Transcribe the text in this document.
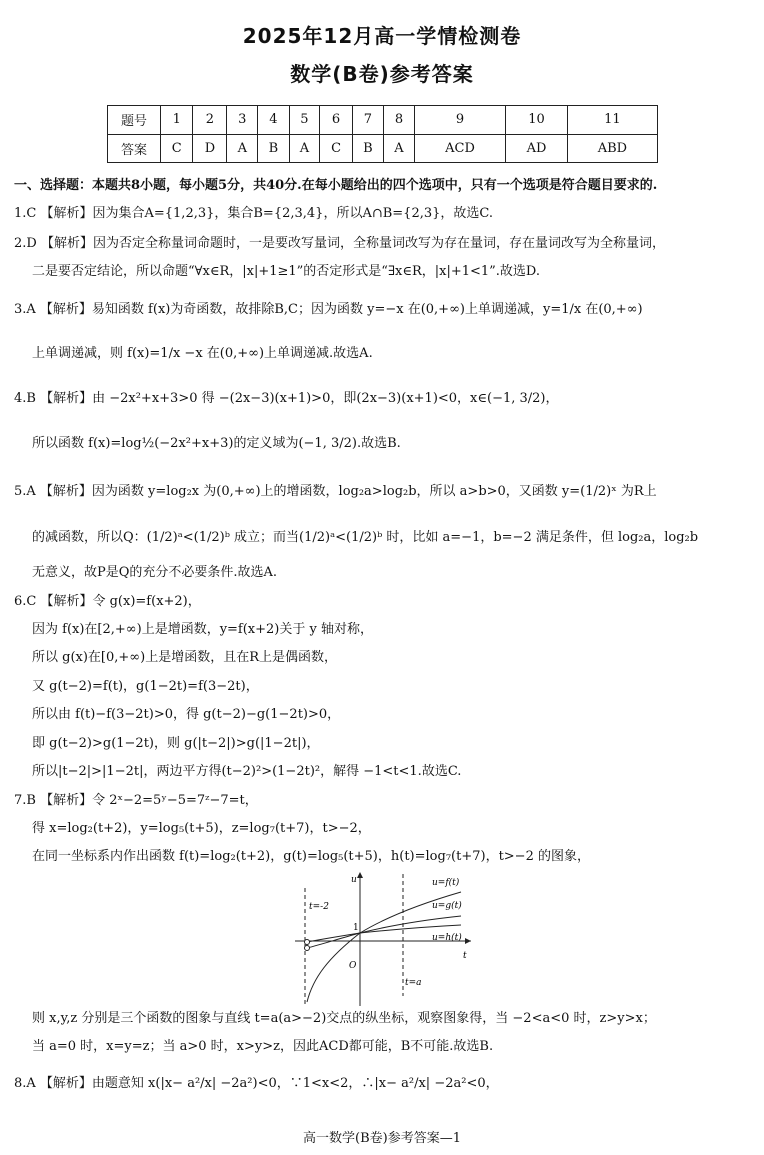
2025年12月高一学情检测卷
数学(B卷)参考答案
题号	1	2	3	4	5	6	7	8	9	10	11
答案	C	D	A	B	A	C	B	A	ACD	AD	ABD
一、选择题：本题共8小题，每小题5分，共40分.在每小题给出的四个选项中，只有一个选项是符合题目要求的.
1.C 【解析】因为集合A={1,2,3}，集合B={2,3,4}，所以A∩B={2,3}，故选C.
2.D 【解析】因为否定全称量词命题时，一是要改写量词，全称量词改写为存在量词，存在量词改写为全称量词，
二是要否定结论，所以命题“∀x∈R，|x|+1≥1”的否定形式是“∃x∈R，|x|+1<1”.故选D.
3.A 【解析】易知函数 f(x)为奇函数，故排除B,C；因为函数 y=−x 在(0,+∞)上单调递减，y=1/x 在(0,+∞)
上单调递减，则 f(x)=1/x −x 在(0,+∞)上单调递减.故选A.
4.B 【解析】由 −2x²+x+3>0 得 −(2x−3)(x+1)>0，即(2x−3)(x+1)<0，x∈(−1, 3/2)，
所以函数 f(x)=log½(−2x²+x+3)的定义域为(−1, 3/2).故选B.
5.A 【解析】因为函数 y=log₂x 为(0,+∞)上的增函数，log₂a>log₂b，所以 a>b>0，又函数 y=(1/2)ˣ 为R上
的减函数，所以Q：(1/2)ᵃ<(1/2)ᵇ 成立；而当(1/2)ᵃ<(1/2)ᵇ 时，比如 a=−1，b=−2 满足条件，但 log₂a，log₂b
无意义，故P是Q的充分不必要条件.故选A.
6.C 【解析】令 g(x)=f(x+2)，
因为 f(x)在[2,+∞)上是增函数，y=f(x+2)关于 y 轴对称，
所以 g(x)在[0,+∞)上是增函数，且在R上是偶函数，
又 g(t−2)=f(t)，g(1−2t)=f(3−2t)，
所以由 f(t)−f(3−2t)>0，得 g(t−2)−g(1−2t)>0，
即 g(t−2)>g(1−2t)，则 g(|t−2|)>g(|1−2t|)，
所以|t−2|>|1−2t|，两边平方得(t−2)²>(1−2t)²，解得 −1<t<1.故选C.
7.B 【解析】令 2ˣ−2=5ʸ−5=7ᶻ−7=t，
得 x=log₂(t+2)，y=log₅(t+5)，z=log₇(t+7)，t>−2，
在同一坐标系内作出函数 f(t)=log₂(t+2)，g(t)=log₅(t+5)，h(t)=log₇(t+7)，t>−2 的图象，
u
t
O
1
t=-2
t=a
u=f(t)
u=g(t)
u=h(t)
则 x,y,z 分别是三个函数的图象与直线 t=a(a>−2)交点的纵坐标，观察图象得，当 −2<a<0 时，z>y>x；
当 a=0 时，x=y=z；当 a>0 时，x>y>z，因此ACD都可能，B不可能.故选B.
8.A 【解析】由题意知 x(|x− a²/x| −2a²)<0，∵1<x<2，∴|x− a²/x| −2a²<0，
高一数学(B卷)参考答案—1
